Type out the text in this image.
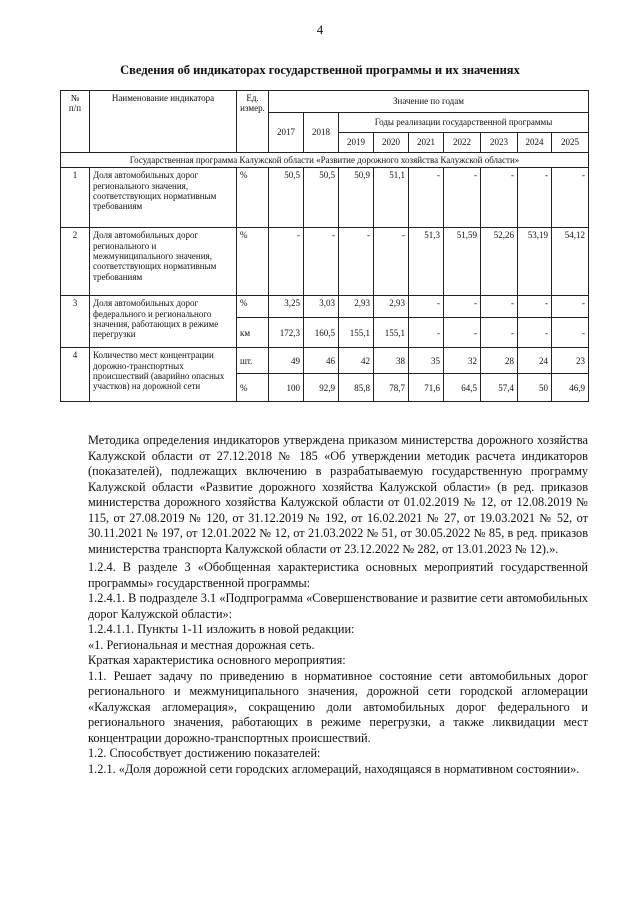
4
Сведения об индикаторах государственной программы и их значениях
№
п/п	Наименование индикатора	Ед.
измер.	Значение по годам								
			2017	2018	Годы реализации государственной программы						
					2019	2020	2021	2022	2023	2024	2025
Государственная программа Калужской области «Развитие дорожного хозяйства Калужской области»											
1	Доля автомобильных дорог регионального значения, соответствующих нормативным требованиям	%	50,5	50,5	50,9	51,1	-	-	-	-	-
2	Доля автомобильных дорог регионального и межмуниципального значения, соответствующих нормативным требованиям	%	-	-	-	-	51,3	51,59	52,26	53,19	54,12
3	Доля автомобильных дорог федерального и регионального значения, работающих в режиме перегрузки	%	3,25	3,03	2,93	2,93	-	-	-	-	-
		км	172,3	160,5	155,1	155,1	-	-	-	-	-
4	Количество мест концентрации дорожно-транспортных происшествий (аварийно опасных участков) на дорожной сети	шт.	49	46	42	38	35	32	28	24	23
		%	100	92,9	85,8	78,7	71,6	64,5	57,4	50	46,9

Методика определения индикаторов утверждена приказом министерства дорожного хозяйства Калужской области от 27.12.2018 № 185 «Об утверждении методик расчета индикаторов (показателей), подлежащих включению в разрабатываемую государственную программу Калужской области «Развитие дорожного хозяйства Калужской области» (в ред. приказов министерства дорожного хозяйства Калужской области от 01.02.2019 № 12, от 12.08.2019 № 115, от 27.08.2019 № 120, от 31.12.2019 № 192, от 16.02.2021 № 27, от 19.03.2021 № 52, от 30.11.2021 № 197, от 12.01.2022 № 12, от 21.03.2022 № 51, от 30.05.2022 № 85, в ред. приказов министерства транспорта Калужской области от 23.12.2022 № 282, от 13.01.2023 № 12).».

1.2.4. В разделе 3 «Обобщенная характеристика основных мероприятий государственной программы» государственной программы:

1.2.4.1. В подразделе 3.1 «Подпрограмма «Совершенствование и развитие сети автомобильных дорог Калужской области»:

1.2.4.1.1. Пункты 1-11 изложить в новой редакции:

«1. Региональная и местная дорожная сеть.

Краткая характеристика основного мероприятия:

1.1. Решает задачу по приведению в нормативное состояние сети автомобильных дорог регионального и межмуниципального значения, дорожной сети городской агломерации «Калужская агломерация», сокращению доли автомобильных дорог федерального и регионального значения, работающих в режиме перегрузки, а также ликвидации мест концентрации дорожно-транспортных происшествий.

1.2. Способствует достижению показателей:

1.2.1. «Доля дорожной сети городских агломераций, находящаяся в нормативном состоянии».
